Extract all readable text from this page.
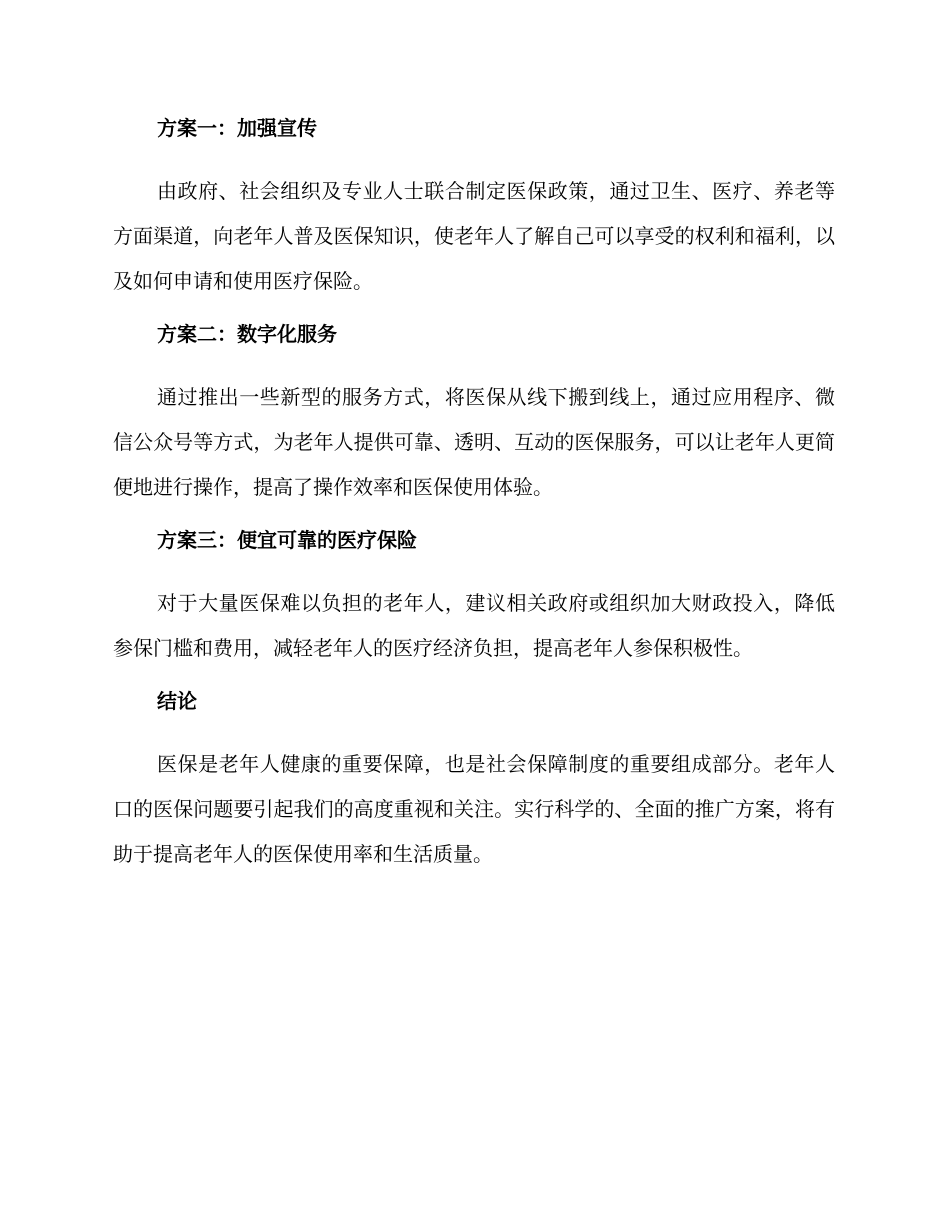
方案一：加强宣传
由政府、社会组织及专业人士联合制定医保政策，通过卫生、医疗、养老等方面渠道，向老年人普及医保知识，使老年人了解自己可以享受的权利和福利，以及如何申请和使用医疗保险。
方案二：数字化服务
通过推出一些新型的服务方式，将医保从线下搬到线上，通过应用程序、微信公众号等方式，为老年人提供可靠、透明、互动的医保服务，可以让老年人更简便地进行操作，提高了操作效率和医保使用体验。
方案三：便宜可靠的医疗保险
对于大量医保难以负担的老年人，建议相关政府或组织加大财政投入，降低参保门槛和费用，减轻老年人的医疗经济负担，提高老年人参保积极性。
结论
医保是老年人健康的重要保障，也是社会保障制度的重要组成部分。老年人口的医保问题要引起我们的高度重视和关注。实行科学的、全面的推广方案，将有助于提高老年人的医保使用率和生活质量。
